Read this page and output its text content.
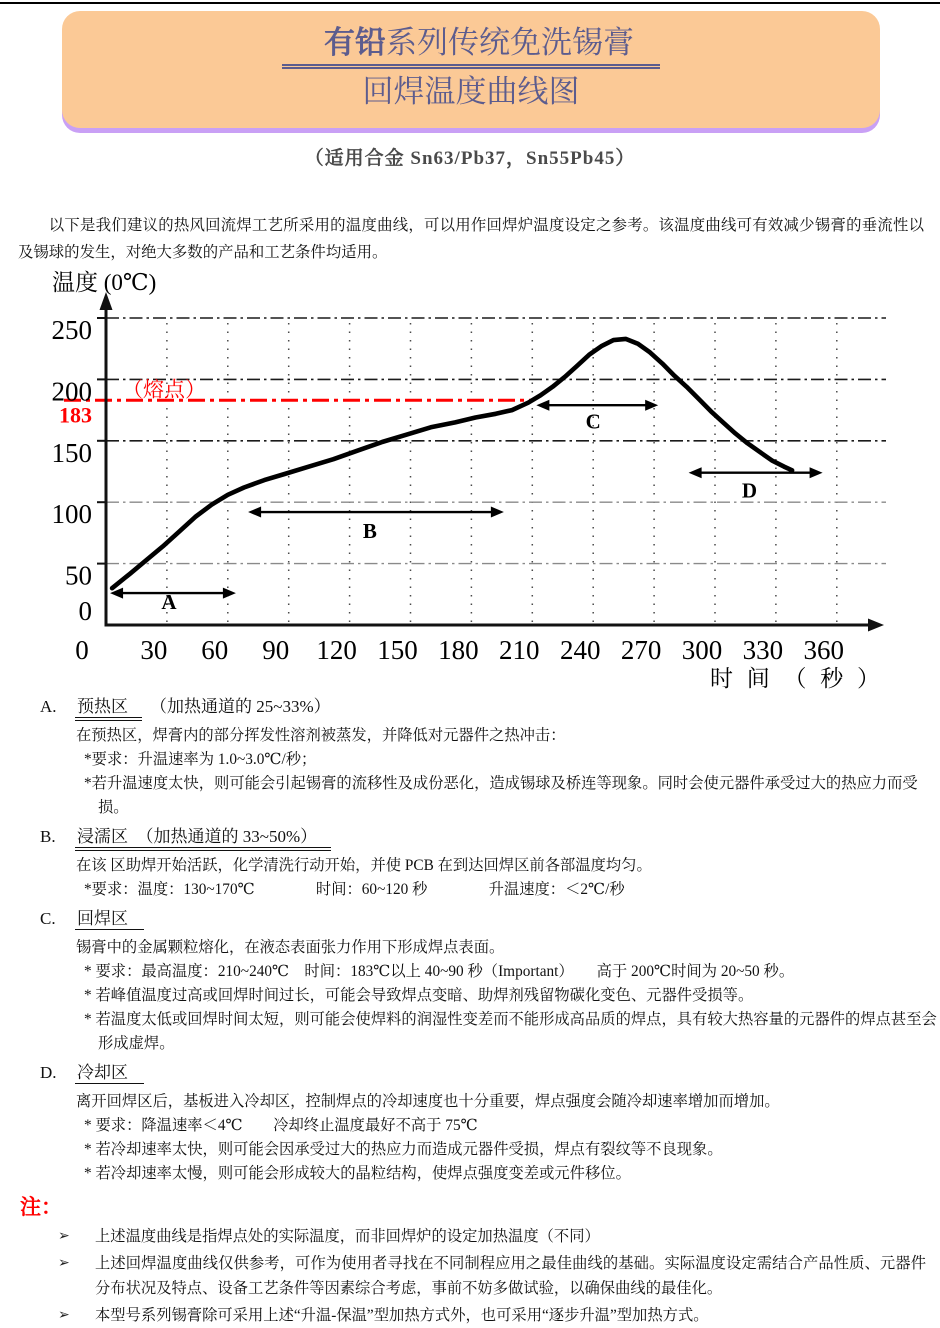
有铅系列传统免洗锡膏
回焊温度曲线图
（适用合金 Sn63/Pb37，Sn55Pb45）

以下是我们建议的热风回流焊工艺所采用的温度曲线，可以用作回焊炉温度设定之参考。该温度曲线可有效减少锡膏的垂流性以及锡球的发生，对绝大多数的产品和工艺条件均适用。

A
B
C
D
0
50
100
150
200
250
183
（熔点）
0 30 60 90 120 150 180 210 240 270 300 330 360
温度 (0℃)
时 间 （ 秒 ）
A. 预热区 （加热通道的 25~33%）

在预热区，焊膏内的部分挥发性溶剂被蒸发，并降低对元器件之热冲击：

*要求：升温速率为 1.0~3.0℃/秒；

*若升温速度太快，则可能会引起锡膏的流移性及成份恶化，造成锡球及桥连等现象。同时会使元器件承受过大的热应力而受损。

B. 浸濡区　（加热通道的 33~50%）

在该 区助焊开始活跃，化学清洗行动开始，并使 PCB 在到达回焊区前各部温度均匀。

*要求：温度：130~170℃　　　　时间：60~120 秒　　　　升温速度：＜2℃/秒

C. 回焊区

锡膏中的金属颗粒熔化，在液态表面张力作用下形成焊点表面。

* 要求：最高温度：210~240℃　时间：183℃以上 40~90 秒（Important）　　高于 200℃时间为 20~50 秒。

* 若峰值温度过高或回焊时间过长，可能会导致焊点变暗、助焊剂残留物碳化变色、元器件受损等。

* 若温度太低或回焊时间太短，则可能会使焊料的润湿性变差而不能形成高品质的焊点，具有较大热容量的元器件的焊点甚至会形成虚焊。

D. 冷却区

离开回焊区后，基板进入冷却区，控制焊点的冷却速度也十分重要，焊点强度会随冷却速率增加而增加。

* 要求：降温速率＜4℃　　冷却终止温度最好不高于 75℃

* 若冷却速率太快，则可能会因承受过大的热应力而造成元器件受损，焊点有裂纹等不良现象。

* 若冷却速率太慢，则可能会形成较大的晶粒结构，使焊点强度变差或元件移位。

注：
➢	上述温度曲线是指焊点处的实际温度，而非回焊炉的设定加热温度（不同）
➢	上述回焊温度曲线仅供参考，可作为使用者寻找在不同制程应用之最佳曲线的基础。实际温度设定需结合产品性质、元器件分布状况及特点、设备工艺条件等因素综合考虑，事前不妨多做试验，以确保曲线的最佳化。
➢	本型号系列锡膏除可采用上述“升温-保温”型加热方式外，也可采用“逐步升温”型加热方式。
